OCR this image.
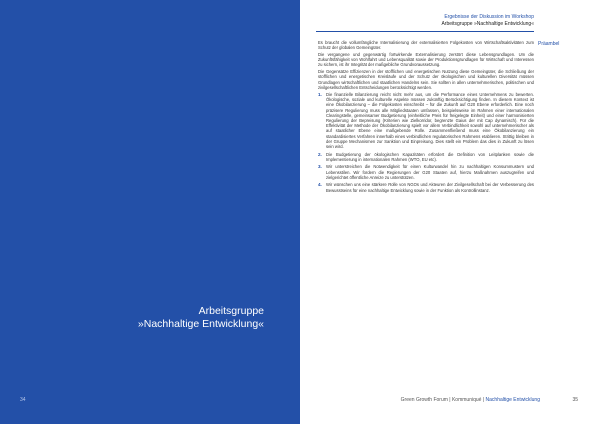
Arbeitsgruppe
»Nachhaltige Entwicklung«
34
Ergebnisse der Diskussion im Workshop
Arbeitsgruppe »Nachhaltige Entwicklung«
Präambel

Es braucht die vollumfängliche Internalisierung der externalisierten Folgekosten von Wirtschaftsaktivitäten zum Schutz der globalen Gemeingüter.

Die vergangene und gegenwärtig fortwirkende Externalisierung zerstört diese Lebensgrundlagen. Um die Zukunftsfähigkeit von Wohlfahrt und Lebensqualität sowie der Produktionsgrundlagen für Wirtschaft und Interessen zu sichern, ist ihr Integrität der maßgebliche Grundvoraussetzung.

Die Gegensätze Effizienzen in der stofflichen und energetischen Nutzung diese Gemeingüter, die Schließung der stofflichen und energetischen Kreisläufe und der Schutz der ökologischen und kulturellen Diversität müssen Grundlagen wirtschaftlichen und staatlichen Handelns sein. Sie sollten in allen unternehmerischen, politischen und zivilgesellschaftlichen Entscheidungen berücksichtigt werden.

1. Die finanzielle Bilanzierung reicht nicht mehr aus, um die Performance eines Unternehmens zu bewerten. Ökologische, soziale und kulturelle Aspekte müssen zukünftig Berücksichtigung finden. In diesem Kontext ist eine Ökobilanzierung – die Folgekosten einschreibt – für die Zukunft auf G20 Ebene erforderlich. Eine noch präzisere Regulierung muss alle Mitgliedstaaten umfassen, beispielsweise im Rahmen einer internationalen Clearingstelle, gemeinsamer Budgetierung (einheitliche Preis für freigelegte Einheit) und einer harmonisierten Regulierung der Bepreisung (Kriterien wie Zielkorridor, begrenzte Gaius der mit Cap dynamisch). Für die Effektivität der Methode der Ökobilanzierung spielt vor allem Verbindlichkeit sowohl auf unternehmerischer als auf staatlicher Ebene eine maßgebende Rolle. Zusammenfließend muss eine Ökobilanzierung ein standardisiertes Verfahren innerhalb eines verbindlichen regulatorischen Rahmens etablieren. Strittig bleiben in der Gruppe Mechanismen zur Sanktion und Einpreisung. Dies stellt ein Problem das dies in Zukunft zu lösen sein wird.
2. Die Budgetierung der ökologischen Kapazitäten erfordert die Definition von Leitplanken sowie die Implementierung in internationalen Rahmen (WTO, EU etc).
3. Wir unterstreichen die Notwendigkeit für einen Kulturwandel hin zu nachhaltigen Konsummustern und Lebensstilen. Wir fordern die Regierungen der G20 Staaten auf, hierzu Maßnahmen auszugreifen und zielgerichtet öffentliche Anreize zu unterstützen.
4. Wir wünschen uns eine stärkere Rolle von NGOs und Akteuren der Zivilgesellschaft bei der Verbesserung des Bewusstseins für eine nachhaltige Entwicklung sowie in der Funktion als Kontrollinstanz.
Green Growth Forum | Kommuniqué | Nachhaltige Entwicklung	35
